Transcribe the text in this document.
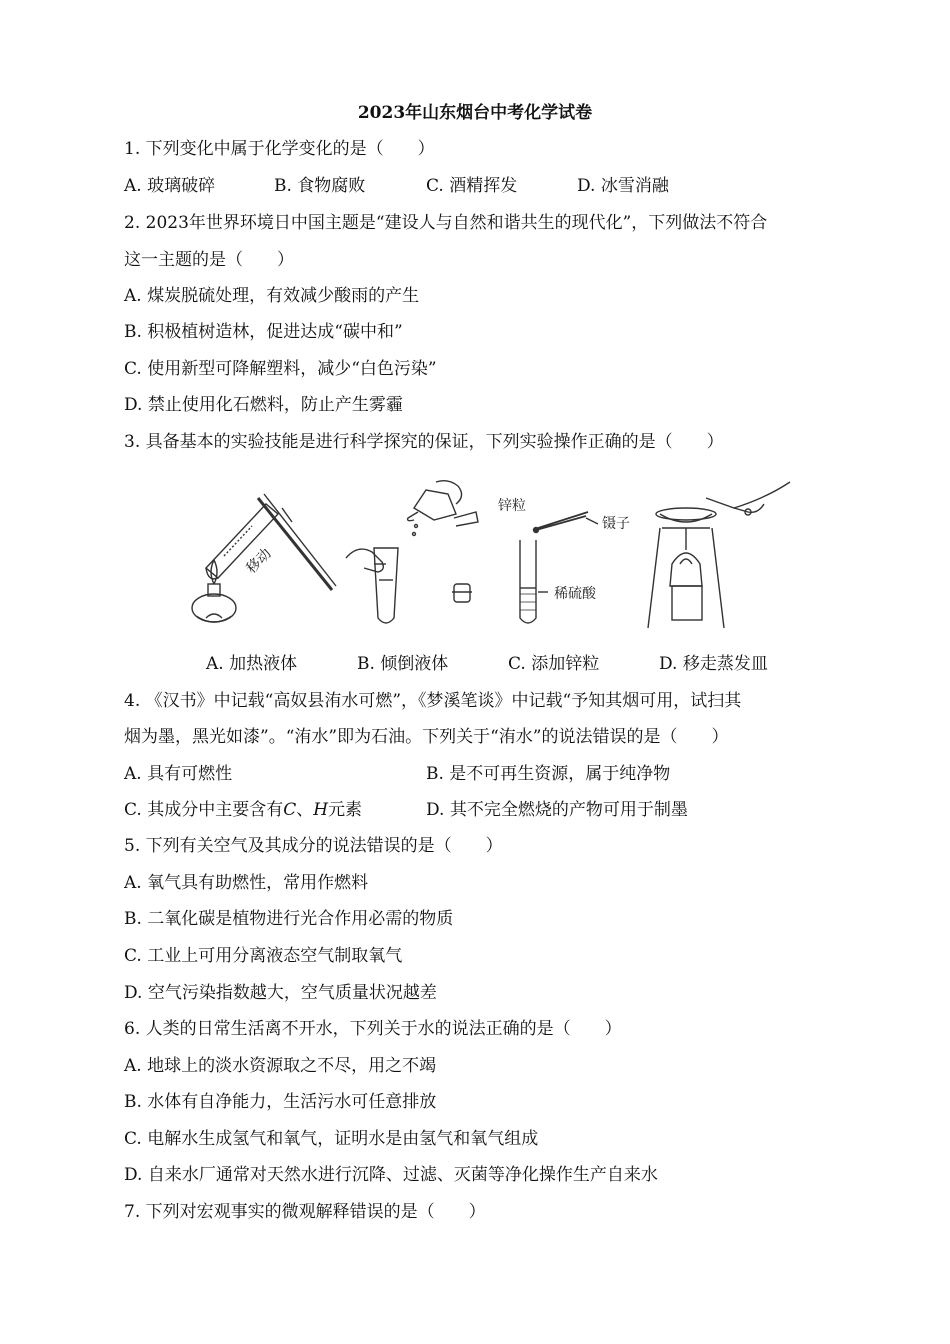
2023年山东烟台中考化学试卷
1. 下列变化中属于化学变化的是（　　）
A. 玻璃破碎	B. 食物腐败	C. 酒精挥发	D. 冰雪消融
2. 2023年世界环境日中国主题是“建设人与自然和谐共生的现代化”，下列做法不符合
这一主题的是（　　）
A. 煤炭脱硫处理，有效减少酸雨的产生
B. 积极植树造林，促进达成“碳中和”
C. 使用新型可降解塑料，减少“白色污染”
D. 禁止使用化石燃料，防止产生雾霾
3. 具备基本的实验技能是进行科学探究的保证，下列实验操作正确的是（　　）
移动
锌粒
镊子
稀硫酸
A. 加热液体	B. 倾倒液体	C. 添加锌粒	D. 移走蒸发皿
4. 《汉书》中记载“高奴县洧水可燃”，《梦溪笔谈》中记载“予知其烟可用，试扫其
烟为墨，黑光如漆”。“洧水”即为石油。下列关于“洧水”的说法错误的是（　　）
A. 具有可燃性	B. 是不可再生资源，属于纯净物
C. 其成分中主要含有C、H元素	D. 其不完全燃烧的产物可用于制墨
5. 下列有关空气及其成分的说法错误的是（　　）
A. 氧气具有助燃性，常用作燃料
B. 二氧化碳是植物进行光合作用必需的物质
C. 工业上可用分离液态空气制取氧气
D. 空气污染指数越大，空气质量状况越差
6. 人类的日常生活离不开水，下列关于水的说法正确的是（　　）
A. 地球上的淡水资源取之不尽，用之不竭
B. 水体有自净能力，生活污水可任意排放
C. 电解水生成氢气和氧气，证明水是由氢气和氧气组成
D. 自来水厂通常对天然水进行沉降、过滤、灭菌等净化操作生产自来水
7. 下列对宏观事实的微观解释错误的是（　　）
